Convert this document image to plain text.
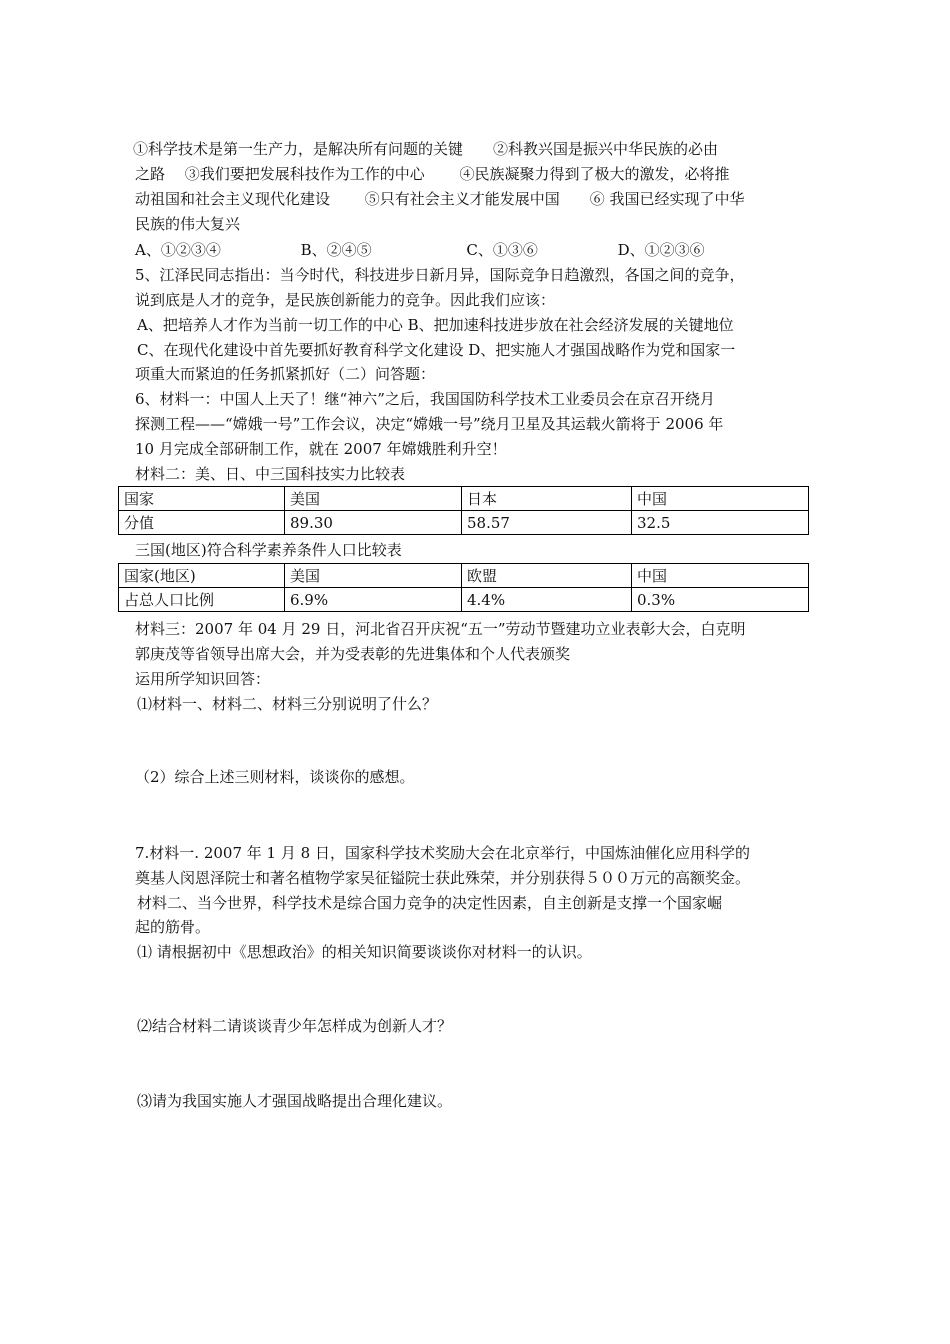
①科学技术是第一生产力，是解决所有问题的关键　　②科教兴国是振兴中华民族的必由
之路　 ③我们要把发展科技作为工作的中心　　 ④民族凝聚力得到了极大的激发，必将推
动祖国和社会主义现代化建设　　 ⑤只有社会主义才能发展中国　　⑥ 我国已经实现了中华
民族的伟大复兴
A、①②③④　　　　　 B、②④⑤　　　　　　 C、①③⑥　　　　　 D、①②③⑥
5、江泽民同志指出：当今时代，科技进步日新月异，国际竞争日趋激烈，各国之间的竞争，
说到底是人才的竞争，是民族创新能力的竞争。因此我们应该：
A、把培养人才作为当前一切工作的中心 B、把加速科技进步放在社会经济发展的关键地位
C、在现代化建设中首先要抓好教育科学文化建设 D、把实施人才强国战略作为党和国家一
项重大而紧迫的任务抓紧抓好（二）问答题：
6、材料一：中国人上天了！继“神六”之后，我国国防科学技术工业委员会在京召开绕月
探测工程——“嫦娥一号”工作会议，决定“嫦娥一号”绕月卫星及其运载火箭将于 2006 年
10 月完成全部研制工作，就在 2007 年嫦娥胜利升空！
材料二：美、日、中三国科技实力比较表
国家	美国	日本	中国
分值	89.30	58.57	32.5
三国(地区)符合科学素养条件人口比较表
国家(地区)	美国	欧盟	中国
占总人口比例	6.9%	4.4%	0.3%
材料三：2007 年 04 月 29 日，河北省召开庆祝“五一”劳动节暨建功立业表彰大会，白克明
郭庚茂等省领导出席大会，并为受表彰的先进集体和个人代表颁奖
运用所学知识回答：
⑴材料一、材料二、材料三分别说明了什么？
（2）综合上述三则材料，谈谈你的感想。
7.材料一. 2007 年 1 月 8 日，国家科学技术奖励大会在北京举行，中国炼油催化应用科学的
奠基人闵恩泽院士和著名植物学家吴征镒院士获此殊荣，并分别获得５００万元的高额奖金。
材料二、当今世界，科学技术是综合国力竞争的决定性因素，自主创新是支撑一个国家崛
起的筋骨。
⑴ 请根据初中《思想政治》的相关知识简要谈谈你对材料一的认识。
⑵结合材料二请谈谈青少年怎样成为创新人才？
⑶请为我国实施人才强国战略提出合理化建议。
